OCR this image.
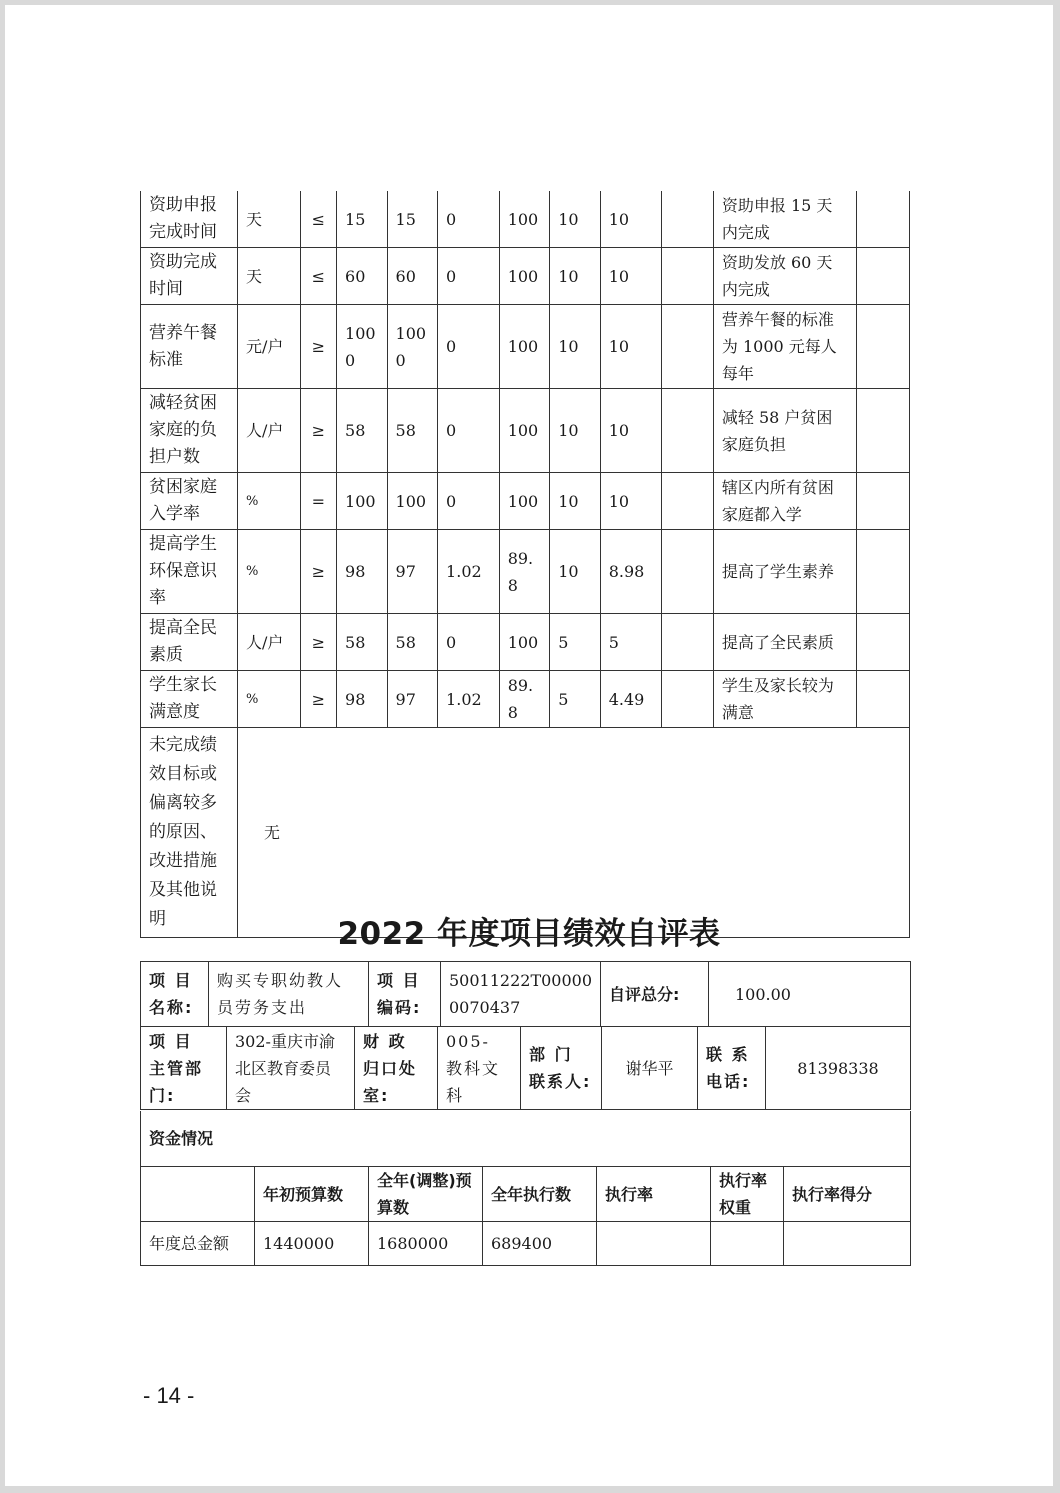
资助申报完成时间	天	≤	15	15	0	100	10	10		资助申报 15 天内完成	
资助完成时间	天	≤	60	60	0	100	10	10		资助发放 60 天内完成	
营养午餐标准	元/户	≥	1000	1000	0	100	10	10		营养午餐的标准为 1000 元每人每年	
减轻贫困家庭的负担户数	人/户	≥	58	58	0	100	10	10		减轻 58 户贫困家庭负担	
贫困家庭入学率	%	=	100	100	0	100	10	10		辖区内所有贫困家庭都入学	
提高学生环保意识率	%	≥	98	97	1.02	89.8	10	8.98		提高了学生素养	
提高全民素质	人/户	≥	58	58	0	100	5	5		提高了全民素质	
学生家长满意度	%	≥	98	97	1.02	89.8	5	4.49		学生及家长较为满意	
未完成绩效目标或偏离较多的原因、改进措施及其他说明	无										
2022 年度项目绩效自评表
项 目名称:	购买专职幼教人员劳务支出	项 目编码:	50011222T000000070437	自评总分:	100.00
项 目 主管部门:	302-重庆市渝北区教育委员会	财 政 归口处室:	005- 教科文科	部 门 联系人:	谢华平	联 系电话:	81398338
资金情况						
	年初预算数	全年(调整)预算数	全年执行数	执行率	执行率权重	执行率得分
年度总金额	1440000	1680000	689400			
- 14 -
